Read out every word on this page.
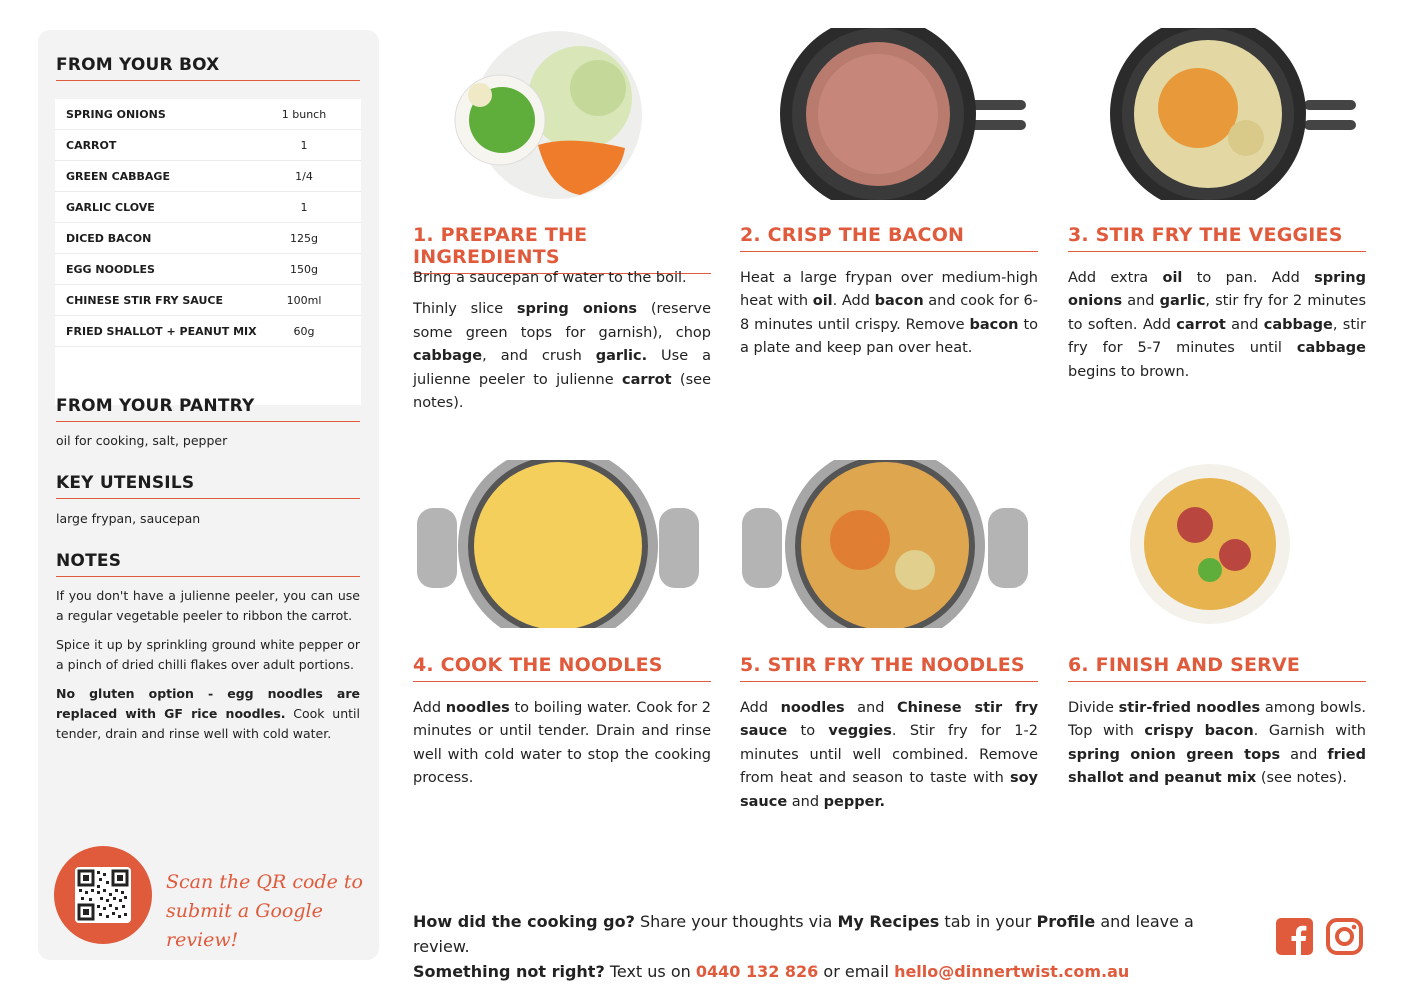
FROM YOUR BOX
SPRING ONIONS	1 bunch
CARROT	1
GREEN CABBAGE	1/4
GARLIC CLOVE	1
DICED BACON	125g
EGG NOODLES	150g
CHINESE STIR FRY SAUCE	100ml
FRIED SHALLOT + PEANUT MIX	60g
FROM YOUR PANTRY
oil for cooking, salt, pepper
KEY UTENSILS
large frypan, saucepan
NOTES

If you don't have a julienne peeler, you can use a regular vegetable peeler to ribbon the carrot.

Spice it up by sprinkling ground white pepper or a pinch of dried chilli flakes over adult portions.

No gluten option - egg noodles are replaced with GF rice noodles. Cook until tender, drain and rinse well with cold water.

Scan the QR code to
submit a Google review!
1. PREPARE THE INGREDIENTS

Bring a saucepan of water to the boil.

Thinly slice spring onions (reserve some green tops for garnish), chop cabbage, and crush garlic. Use a julienne peeler to julienne carrot (see notes).

2. CRISP THE BACON

Heat a large frypan over medium-high heat with oil. Add bacon and cook for 6-8 minutes until crispy. Remove bacon to a plate and keep pan over heat.

3. STIR FRY THE VEGGIES

Add extra oil to pan. Add spring onions and garlic, stir fry for 2 minutes to soften. Add carrot and cabbage, stir fry for 5-7 minutes until cabbage begins to brown.

4. COOK THE NOODLES

Add noodles to boiling water. Cook for 2 minutes or until tender. Drain and rinse well with cold water to stop the cooking process.

5. STIR FRY THE NOODLES

Add noodles and Chinese stir fry sauce to veggies. Stir fry for 1-2 minutes until well combined. Remove from heat and season to taste with soy sauce and pepper.

6. FINISH AND SERVE

Divide stir-fried noodles among bowls. Top with crispy bacon. Garnish with spring onion green tops and fried shallot and peanut mix (see notes).

How did the cooking go? Share your thoughts via My Recipes tab in your Profile and leave a review.
Something not right? Text us on 0440 132 826 or email hello@dinnertwist.com.au
